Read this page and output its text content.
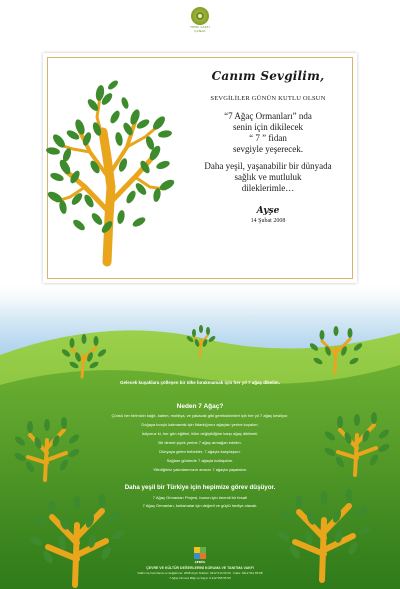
TEMA VAKFI
ÇANAK
Canım Sevgilim,
SEVGİLİLER GÜNÜN KUTLU OLSUN
“7 Ağaç Ormanları” nda
senin için dikilecek
“ 7 ” fidan
sevgiyle yeşerecek.
Daha yeşil, yaşanabilir bir dünyada
sağlık ve mutluluk
dileklerimle…
Ayşe
14 Şubat 2008
Gelecek kuşaklara çölleşen bir ülke bırakmamak için her yıl 7 ağaç dikelim.
Neden 7 Ağaç?
Çünkü her birimizin kağıt, kalem, mobilya, ve yakacak gibi gereksinimleri için her yıl 7 ağaç kesiliyor.
Doğaya borçlu kalmamak için fidanlığımız ağaçları yerine koyalım.
İstiyoruz ki, her gün eğitimi, iklim değişikliğine karşı ağaç dikilmeli.
Bir demet çiçek yerine 7 ağaç armağan edelim.
Dünyaya gelen bebekler, 7 ağaçla karşılaşsın.
Sağlam günlerde 7 ağaçla kutlaşalım.
Yitirdiğimiz yakınlarımızın anısını 7 ağaçta yaşatalım.
Daha yeşil bir Türkiye için hepimize görev düşüyor.
7 Ağaç Ormanları Projesi, bunun için önemli bir fırsat!
7 Ağaç Ormanları, kutlamalar için değerli ve güçlü hediye olacak.
ÇEKÜL
ÇEVRE VE KÜLTÜR DEĞERLERİNİ KORUMA VE TANITMA VAKFI
Vakfın ile hazırlama ve değiştirme: 2008 Arşiv Telefon: 0212 513 00 00 · Faks: 0212 512 86 88
7 Ağaç Ormanı Bilgi ve Kayıt: 0 212 555 55 55
